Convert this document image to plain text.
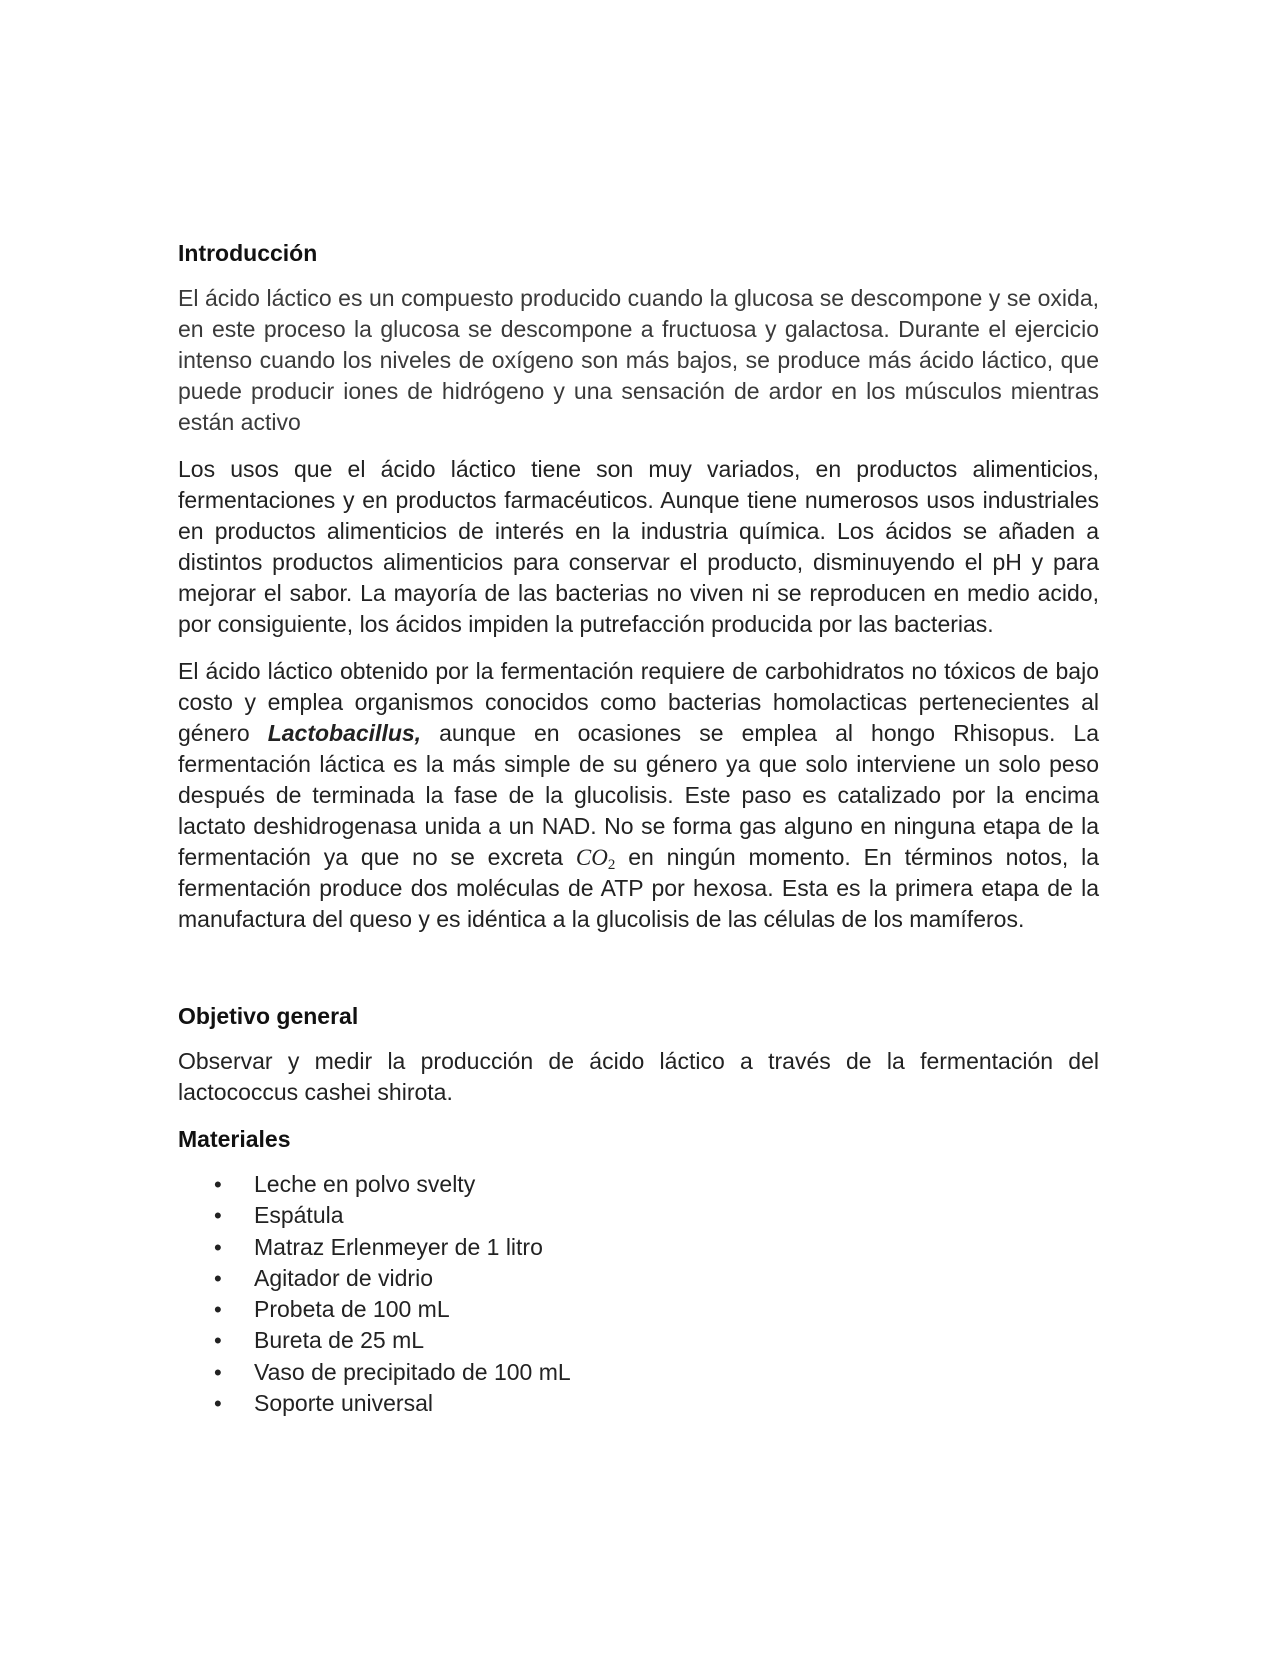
Introducción

El ácido láctico es un compuesto producido cuando la glucosa se descompone y se oxida, en este proceso la glucosa se descompone a fructuosa y galactosa. Durante el ejercicio intenso cuando los niveles de oxígeno son más bajos, se produce más ácido láctico, que puede producir iones de hidrógeno y una sensación de ardor en los músculos mientras están activo

Los usos que el ácido láctico tiene son muy variados, en productos alimenticios, fermentaciones y en productos farmacéuticos. Aunque tiene numerosos usos industriales en productos alimenticios de interés en la industria química. Los ácidos se añaden a distintos productos alimenticios para conservar el producto, disminuyendo el pH y para mejorar el sabor. La mayoría de las bacterias no viven ni se reproducen en medio acido, por consiguiente, los ácidos impiden la putrefacción producida por las bacterias.

El ácido láctico obtenido por la fermentación requiere de carbohidratos no tóxicos de bajo costo y emplea organismos conocidos como bacterias homolacticas pertenecientes al género Lactobacillus, aunque en ocasiones se emplea al hongo Rhisopus. La fermentación láctica es la más simple de su género ya que solo interviene un solo peso después de terminada la fase de la glucolisis. Este paso es catalizado por la encima lactato deshidrogenasa unida a un NAD. No se forma gas alguno en ninguna etapa de la fermentación ya que no se excreta $CO_2$ en ningún momento. En términos notos, la fermentación produce dos moléculas de ATP por hexosa. Esta es la primera etapa de la manufactura del queso y es idéntica a la glucolisis de las células de los mamíferos.

Objetivo general

Observar y medir la producción de ácido láctico a través de la fermentación del lactococcus cashei shirota.

Materiales
• Leche en polvo svelty
• Espátula
• Matraz Erlenmeyer de 1 litro
• Agitador de vidrio
• Probeta de 100 mL
• Bureta de 25 mL
• Vaso de precipitado de 100 mL
• Soporte universal
